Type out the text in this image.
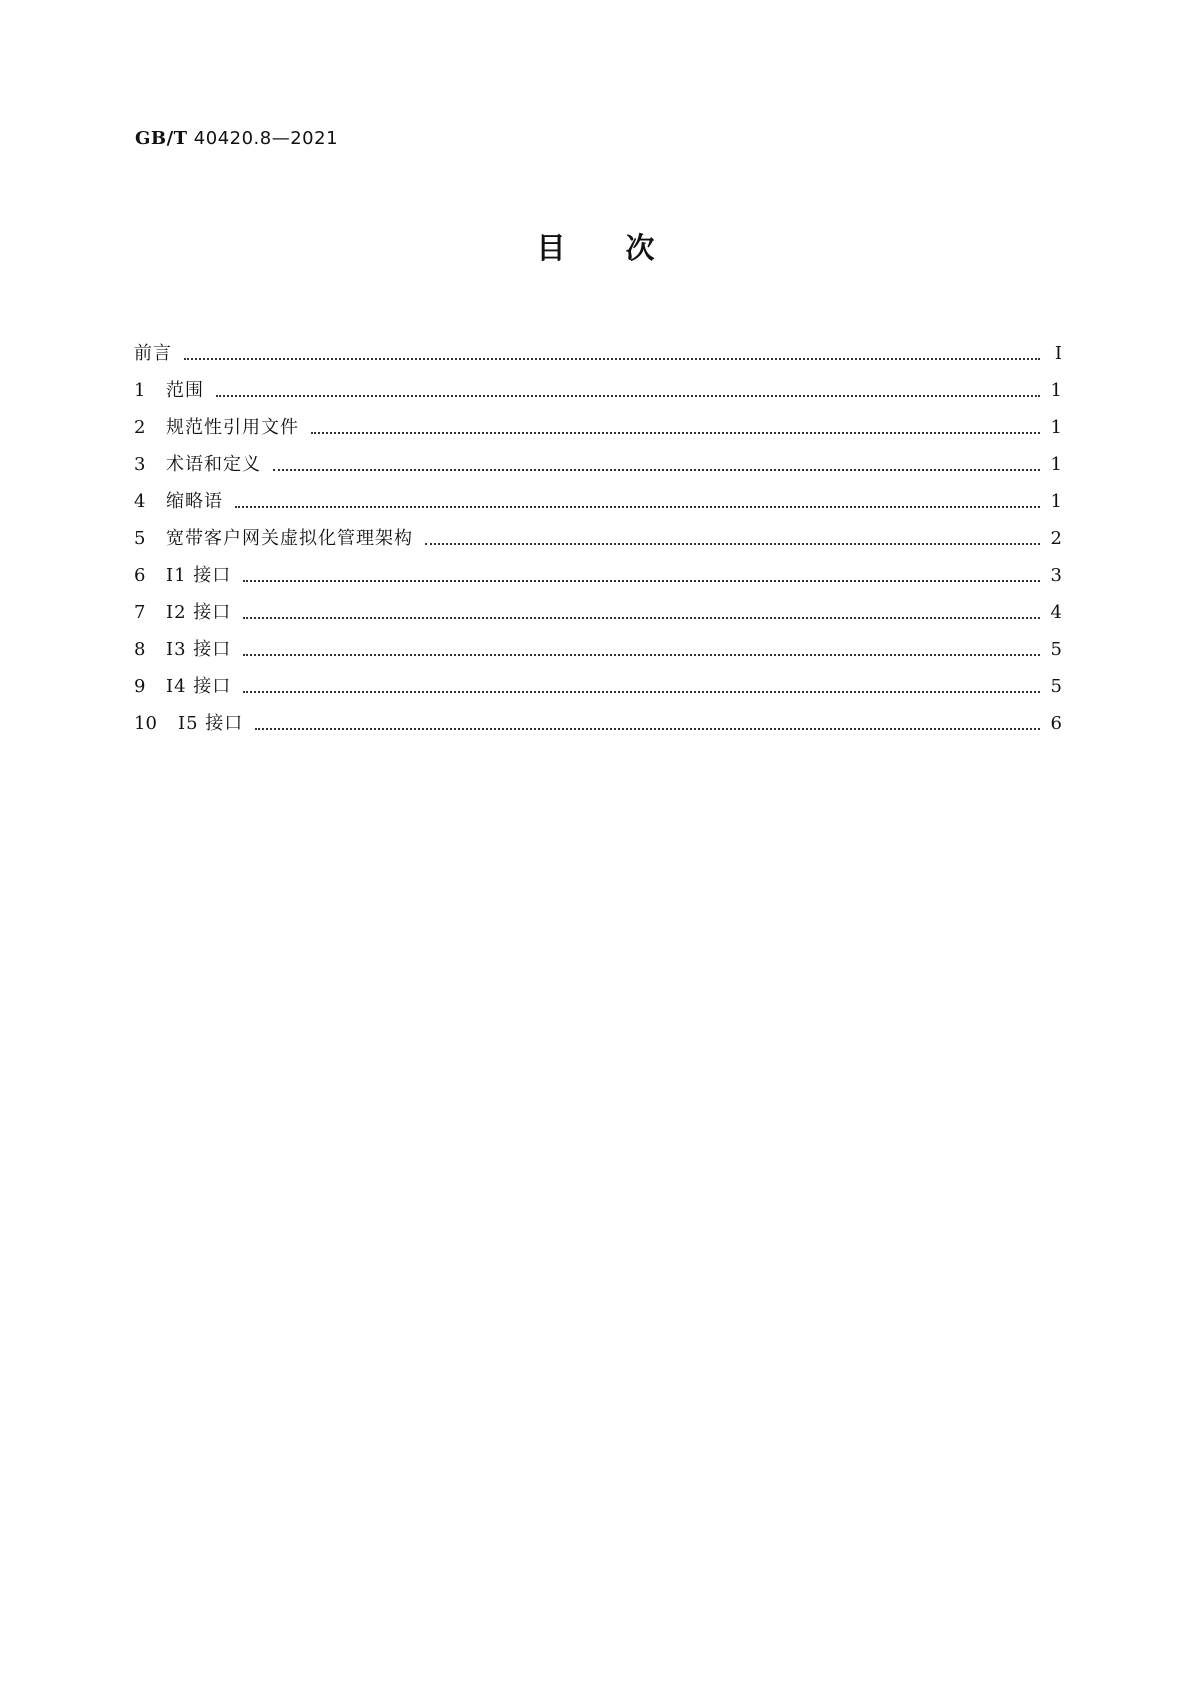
GB/T 40420.8—2021
目 次
前言	Ⅰ
1	范围	1
2	规范性引用文件	1
3	术语和定义	1
4	缩略语	1
5	宽带客户网关虚拟化管理架构	2
6	I1 接口	3
7	I2 接口	4
8	I3 接口	5
9	I4 接口	5
10	I5 接口	6
